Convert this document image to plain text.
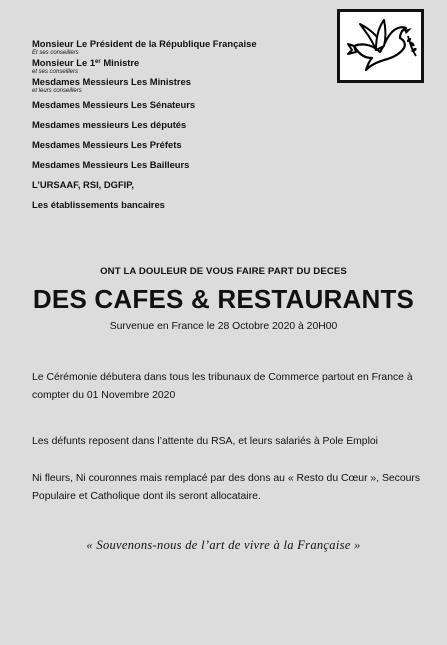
Monsieur Le Président de la République Française
Et ses conseillers
Monsieur Le 1er Ministre
et ses conseillers
Mesdames Messieurs Les Ministres
et leurs conseillers
Mesdames Messieurs Les Sénateurs
Mesdames messieurs Les députés
Mesdames Messieurs Les Préfets
Mesdames Messieurs Les Bailleurs
L’URSAAF, RSI, DGFIP,
Les établissements bancaires
ONT LA DOULEUR DE VOUS FAIRE PART DU DECES
DES CAFES & RESTAURANTS
Survenue en France le 28 Octobre 2020 à 20H00
Le Cérémonie débutera dans tous les tribunaux de Commerce partout en France à compter du 01 Novembre 2020
Les défunts reposent dans l’attente du RSA, et leurs salariés à Pole Emploi
Ni fleurs, Ni couronnes mais remplacé par des dons au « Resto du Cœur », Secours Populaire et Catholique dont ils seront allocataire.
« Souvenons-nous de l’art de vivre à la Française »
